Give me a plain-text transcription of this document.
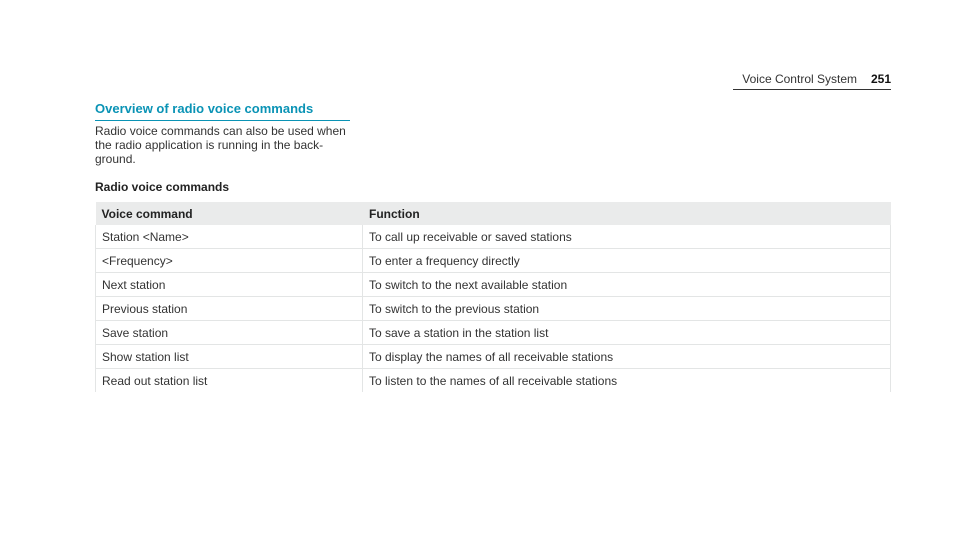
Voice Control System 251
Overview of radio voice commands
Radio voice commands can also be used when
the radio application is running in the back-
ground.
Radio voice commands
Voice command	Function
Station <Name>	To call up receivable or saved stations
<Frequency>	To enter a frequency directly
Next station	To switch to the next available station
Previous station	To switch to the previous station
Save station	To save a station in the station list
Show station list	To display the names of all receivable stations
Read out station list	To listen to the names of all receivable stations
